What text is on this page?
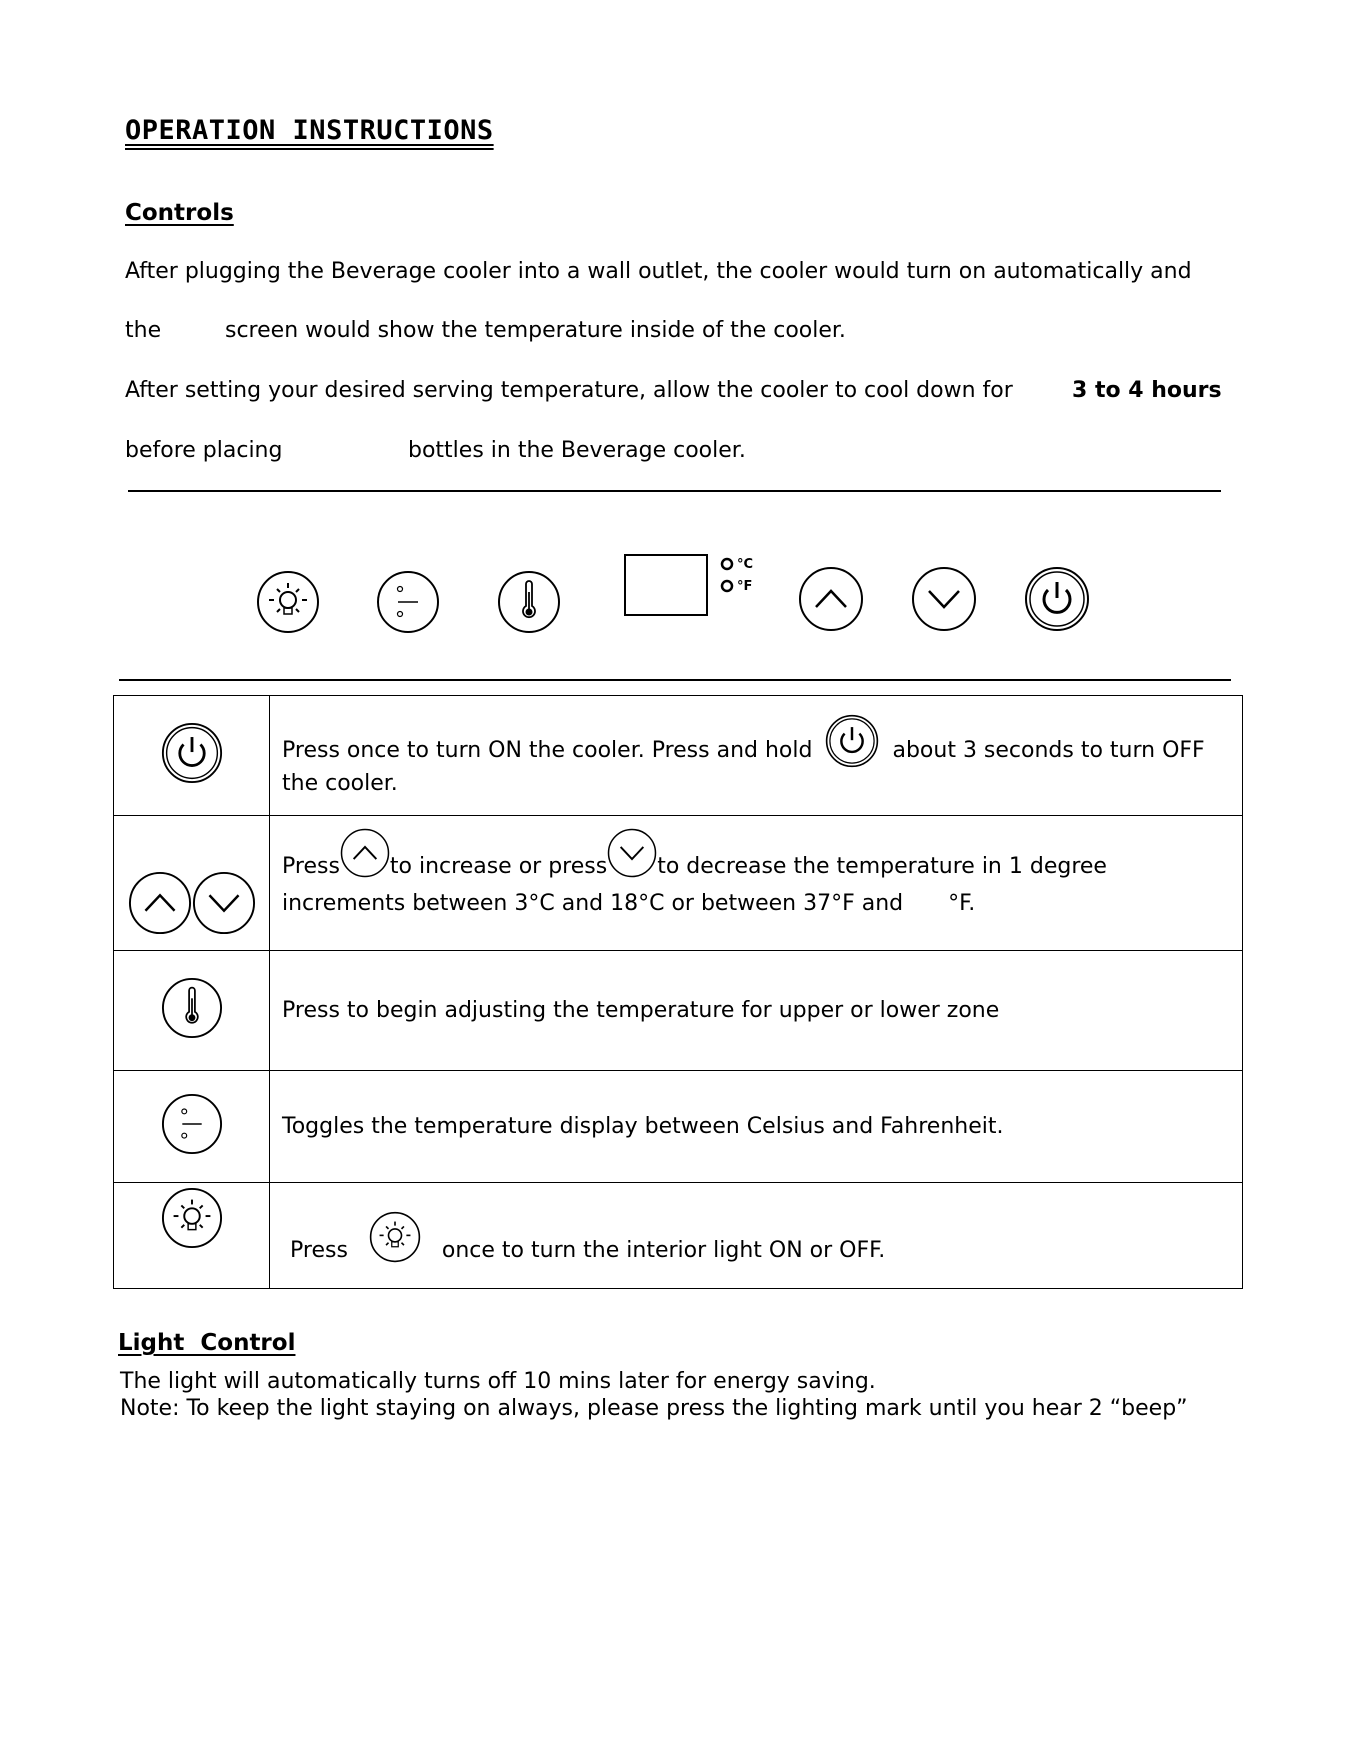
OPERATION INSTRUCTIONS
Controls
After plugging the Beverage cooler into a wall outlet, the cooler would turn on automatically and
the	screen would show the temperature inside of the cooler.
After setting your desired serving temperature, allow the cooler to cool down for	3 to 4 hours
before placing	bottles in the Beverage cooler.
°C
°F

Press once to turn ON the cooler. Press and hold about 3 seconds to turn OFF
the cooler.

Press to increase or press to decrease the temperature in 1 degree
increments between 3°C and 18°C or between 37°F and °F.

	Press to begin adjusting the temperature for upper or lower zone
	Toggles the temperature display between Celsius and Fahrenheit.

Press once to turn the interior light ON or OFF.
Light  Control
The light will automatically turns off 10 mins later for energy saving.
Note: To keep the light staying on always, please press the lighting mark until you hear 2 “beep”
